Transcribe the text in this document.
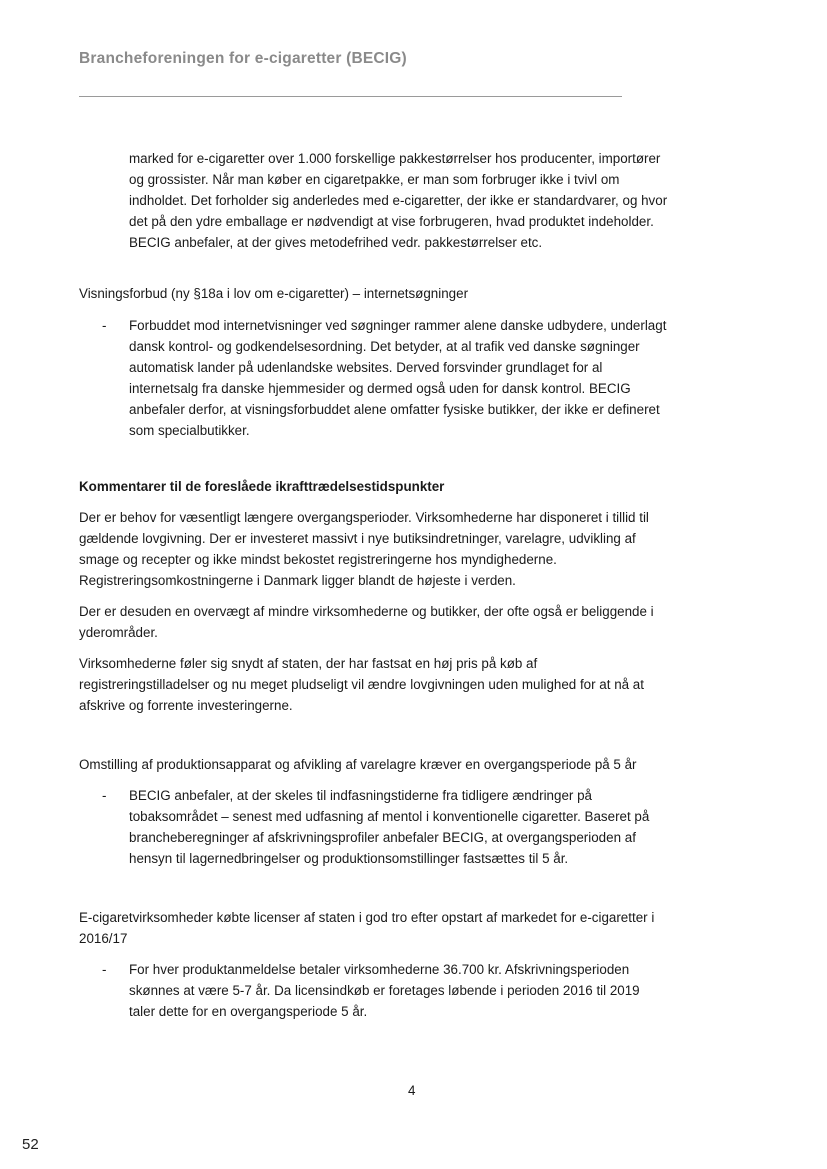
Brancheforeningen for e-cigaretter (BECIG)

marked for e-cigaretter over 1.000 forskellige pakkestørrelser hos producenter, importører og grossister. Når man køber en cigaretpakke, er man som forbruger ikke i tvivl om indholdet. Det forholder sig anderledes med e-cigaretter, der ikke er standardvarer, og hvor det på den ydre emballage er nødvendigt at vise forbrugeren, hvad produktet indeholder. BECIG anbefaler, at der gives metodefrihed vedr. pakkestørrelser etc.

Visningsforbud (ny §18a i lov om e-cigaretter) – internetsøgninger

- Forbuddet mod internetvisninger ved søgninger rammer alene danske udbydere, underlagt dansk kontrol- og godkendelsesordning. Det betyder, at al trafik ved danske søgninger automatisk lander på udenlandske websites. Derved forsvinder grundlaget for al internetsalg fra danske hjemmesider og dermed også uden for dansk kontrol. BECIG anbefaler derfor, at visningsforbuddet alene omfatter fysiske butikker, der ikke er defineret som specialbutikker.

Kommentarer til de foreslåede ikrafttrædelsestidspunkter

Der er behov for væsentligt længere overgangsperioder. Virksomhederne har disponeret i tillid til gældende lovgivning. Der er investeret massivt i nye butiksindretninger, varelagre, udvikling af smage og recepter og ikke mindst bekostet registreringerne hos myndighederne. Registreringsomkostningerne i Danmark ligger blandt de højeste i verden.

Der er desuden en overvægt af mindre virksomhederne og butikker, der ofte også er beliggende i yderområder.

Virksomhederne føler sig snydt af staten, der har fastsat en høj pris på køb af registreringstilladelser og nu meget pludseligt vil ændre lovgivningen uden mulighed for at nå at afskrive og forrente investeringerne.

Omstilling af produktionsapparat og afvikling af varelagre kræver en overgangsperiode på 5 år

- BECIG anbefaler, at der skeles til indfasningstiderne fra tidligere ændringer på tobaksområdet – senest med udfasning af mentol i konventionelle cigaretter. Baseret på brancheberegninger af afskrivningsprofiler anbefaler BECIG, at overgangsperioden af hensyn til lagernedbringelser og produktionsomstillinger fastsættes til 5 år.

E-cigaretvirksomheder købte licenser af staten i god tro efter opstart af markedet for e-cigaretter i 2016/17

- For hver produktanmeldelse betaler virksomhederne 36.700 kr. Afskrivningsperioden skønnes at være 5-7 år. Da licensindkøb er foretages løbende i perioden 2016 til 2019 taler dette for en overgangsperiode 5 år.

4
52
